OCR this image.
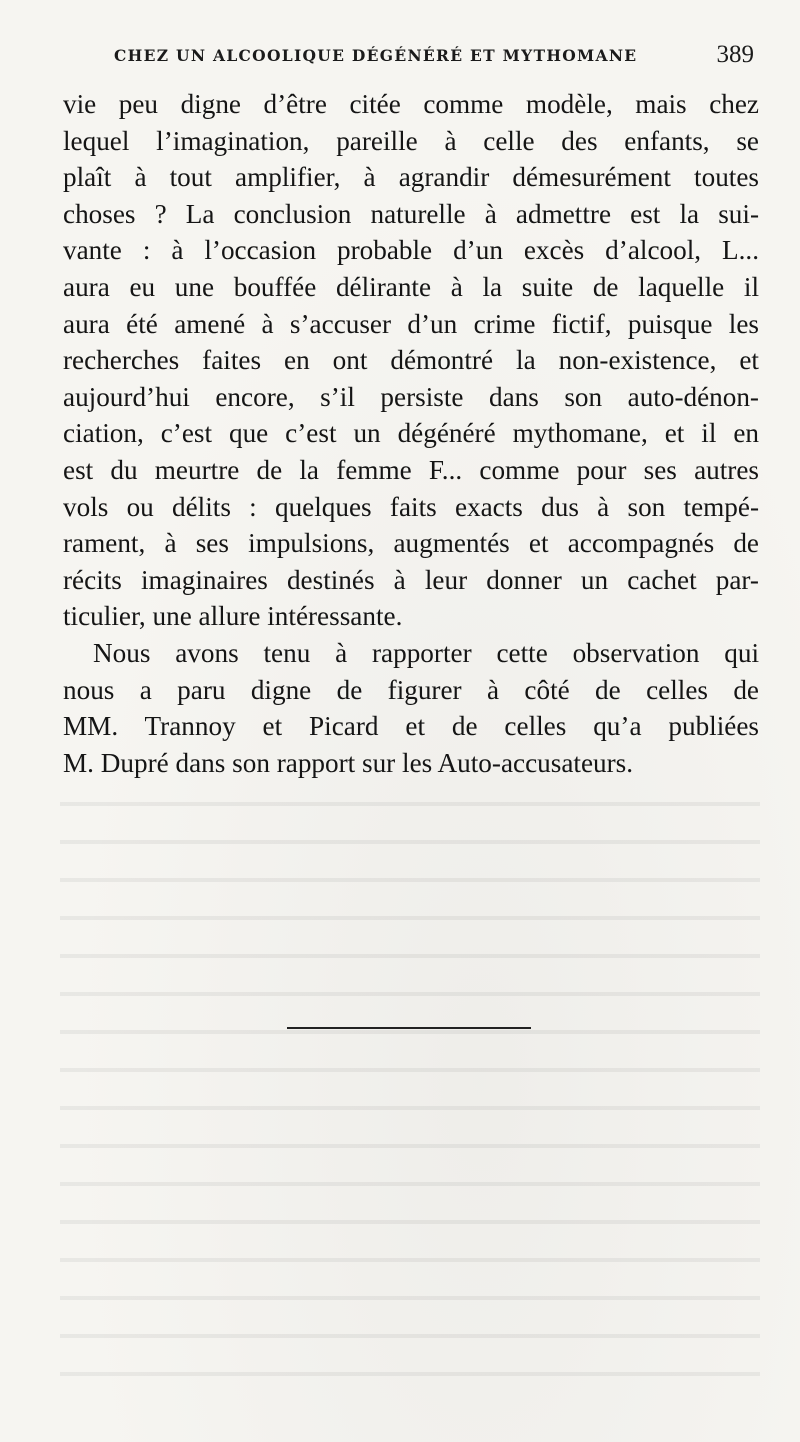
CHEZ UN ALCOOLIQUE DÉGÉNÉRÉ ET MYTHOMANE	389
vie peu digne d’être citée comme modèle, mais chez
lequel l’imagination, pareille à celle des enfants, se
plaît à tout amplifier, à agrandir démesurément toutes
choses ? La conclusion naturelle à admettre est la sui-
vante : à l’occasion probable d’un excès d’alcool, L...
aura eu une bouffée délirante à la suite de laquelle il
aura été amené à s’accuser d’un crime fictif, puisque les
recherches faites en ont démontré la non-existence, et
aujourd’hui encore, s’il persiste dans son auto-dénon-
ciation, c’est que c’est un dégénéré mythomane, et il en
est du meurtre de la femme F... comme pour ses autres
vols ou délits : quelques faits exacts dus à son tempé-
rament, à ses impulsions, augmentés et accompagnés de
récits imaginaires destinés à leur donner un cachet par-
ticulier, une allure intéressante.
Nous avons tenu à rapporter cette observation qui
nous a paru digne de figurer à côté de celles de
MM. Trannoy et Picard et de celles qu’a publiées
M. Dupré dans son rapport sur les Auto-accusateurs.
